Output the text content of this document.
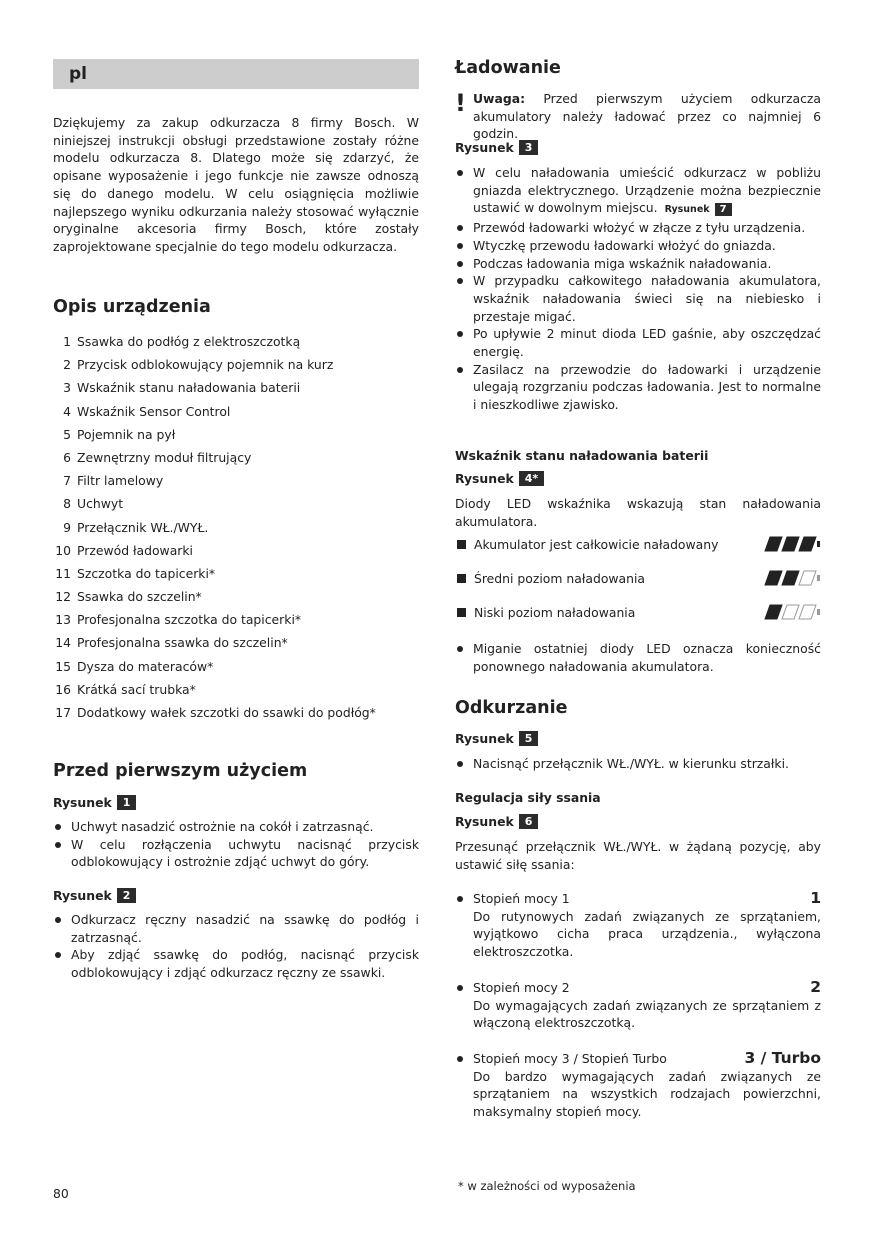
pl

Dziękujemy za zakup odkurzacza 8 firmy Bosch. W niniejszej instrukcji obsługi przedstawione zostały różne modelu odkurzacza 8. Dlatego może się zdarzyć, że opisane wyposażenie i jego funkcje nie zawsze odnoszą się do danego modelu. W celu osiągnięcia możliwie najlepszego wyniku odkurzania należy stosować wyłącznie oryginalne akcesoria firmy Bosch, które zostały zaprojektowane specjalnie do tego modelu odkurzacza.

Opis urządzenia
1 Ssawka do podłóg z elektroszczotką
2 Przycisk odblokowujący pojemnik na kurz
3 Wskaźnik stanu naładowania baterii
4 Wskaźnik Sensor Control
5 Pojemnik na pył
6 Zewnętrzny moduł filtrujący
7 Filtr lamelowy
8 Uchwyt
9 Przełącznik WŁ./WYŁ.
10 Przewód ładowarki
11 Szczotka do tapicerki*
12 Ssawka do szczelin*
13 Profesjonalna szczotka do tapicerki*
14 Profesjonalna ssawka do szczelin*
15 Dysza do materaców*
16 Krátká sací trubka*
17 Dodatkowy wałek szczotki do ssawki do podłóg*
Przed pierwszym użyciem
Rysunek	1
Uchwyt nasadzić ostrożnie na cokół i zatrzasnąć.
W celu rozłączenia uchwytu nacisnąć przycisk odblokowujący i ostrożnie zdjąć uchwyt do góry.
Rysunek	2
Odkurzacz ręczny nasadzić na ssawkę do podłóg i zatrzasnąć.
Aby zdjąć ssawkę do podłóg, nacisnąć przycisk odblokowujący i zdjąć odkurzacz ręczny ze ssawki.
80
Ładowanie
! Uwaga: Przed pierwszym użyciem odkurzacza akumulatory należy ładować przez co najmniej 6 godzin.

Rysunek	3
W celu naładowania umieścić odkurzacz w pobliżu gniazda elektrycznego. Urządzenie można bezpiecznie ustawić w dowolnym miejscu. Rysunek 7
Przewód ładowarki włożyć w złącze z tyłu urządzenia.
Wtyczkę przewodu ładowarki włożyć do gniazda.
Podczas ładowania miga wskaźnik naładowania.
W przypadku całkowitego naładowania akumulatora, wskaźnik naładowania świeci się na niebiesko i przestaje migać.
Po upływie 2 minut dioda LED gaśnie, aby oszczędzać energię.
Zasilacz na przewodzie do ładowarki i urządzenie ulegają rozgrzaniu podczas ładowania. Jest to normalne i nieszkodliwe zjawisko.
Wskaźnik stanu naładowania baterii
Rysunek	4*

Diody LED wskaźnika wskazują stan naładowania akumulatora.

Akumulator jest całkowicie naładowany
Średni poziom naładowania
Niski poziom naładowania
Miganie ostatniej diody LED oznacza konieczność ponownego naładowania akumulatora.
Odkurzanie
Rysunek	5
Nacisnąć przełącznik WŁ./WYŁ. w kierunku strzałki.
Regulacja siły ssania
Rysunek	6

Przesunąć przełącznik WŁ./WYŁ. w żądaną pozycję, aby ustawić siłę ssania:

Stopień mocy 1	1
Do rutynowych zadań związanych ze sprzątaniem, wyjątkowo cicha praca urządzenia., wyłączona elektroszczotka.
Stopień mocy 2	2
Do wymagających zadań związanych ze sprzątaniem z włączoną elektroszczotką.
Stopień mocy 3 / Stopień Turbo	3 / Turbo
Do bardzo wymagających zadań związanych ze sprzątaniem na wszystkich rodzajach powierzchni, maksymalny stopień mocy.
* w zależności od wyposażenia
